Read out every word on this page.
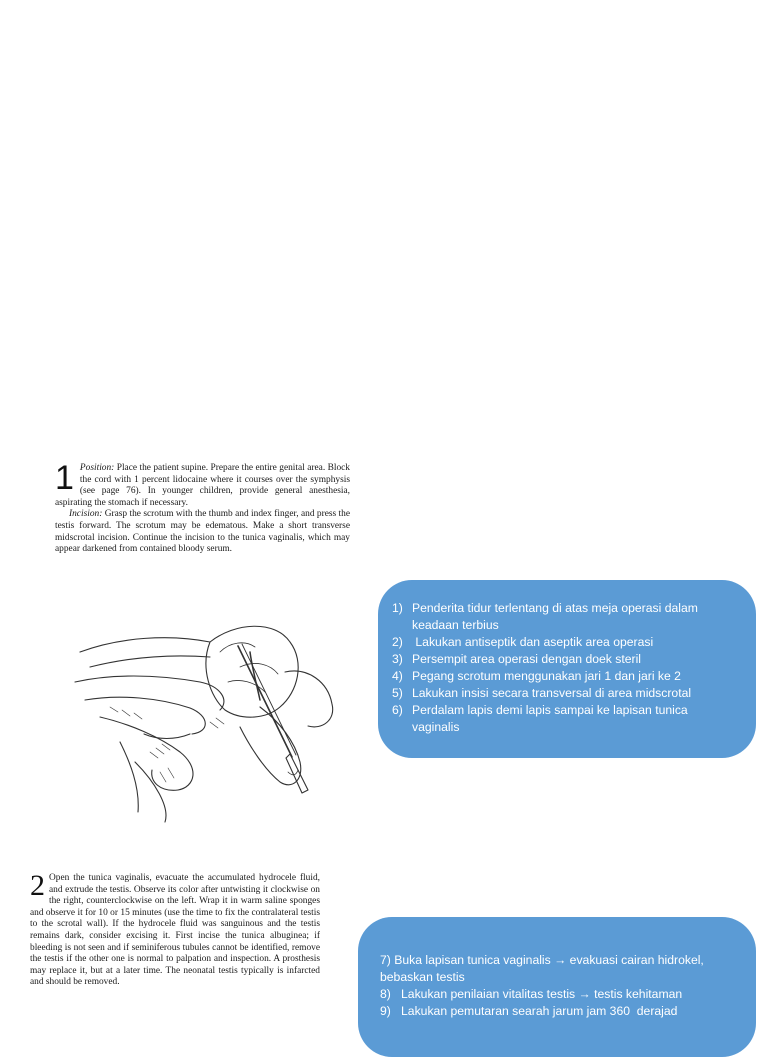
1 Position: Place the patient supine. Prepare the entire genital area. Block the cord with 1 percent lidocaine where it courses over the symphysis (see page 76). In younger children, provide general anesthesia, aspirating the stomach if necessary.

Incision: Grasp the scrotum with the thumb and index finger, and press the testis forward. The scrotum may be edematous. Make a short transverse midscrotal incision. Continue the incision to the tunica vaginalis, which may appear darkened from contained bloody serum.

1) Penderita tidur terlentang di atas meja operasi dalam keadaan terbius
2) Lakukan antiseptik dan aseptik area operasi
3) Persempit area operasi dengan doek steril
4) Pegang scrotum menggunakan jari 1 dan jari ke 2
5) Lakukan insisi secara transversal di area midscrotal
6) Perdalam lapis demi lapis sampai ke lapisan tunica vaginalis
2 Open the tunica vaginalis, evacuate the accumulated hydrocele fluid, and extrude the testis. Observe its color after untwisting it clockwise on the right, counterclockwise on the left. Wrap it in warm saline sponges and observe it for 10 or 15 minutes (use the time to fix the contralateral testis to the scrotal wall). If the hydrocele fluid was sanguinous and the testis remains dark, consider excising it. First incise the tunica albuginea; if bleeding is not seen and if seminiferous tubules cannot be identified, remove the testis if the other one is normal to palpation and inspection. A prosthesis may replace it, but at a later time. The neonatal testis typically is infarcted and should be removed.

7) Buka lapisan tunica vaginalis → evakuasi cairan hidrokel, bebaskan testis
8) Lakukan penilaian vitalitas testis → testis kehitaman
9) Lakukan pemutaran searah jarum jam 360  derajad
